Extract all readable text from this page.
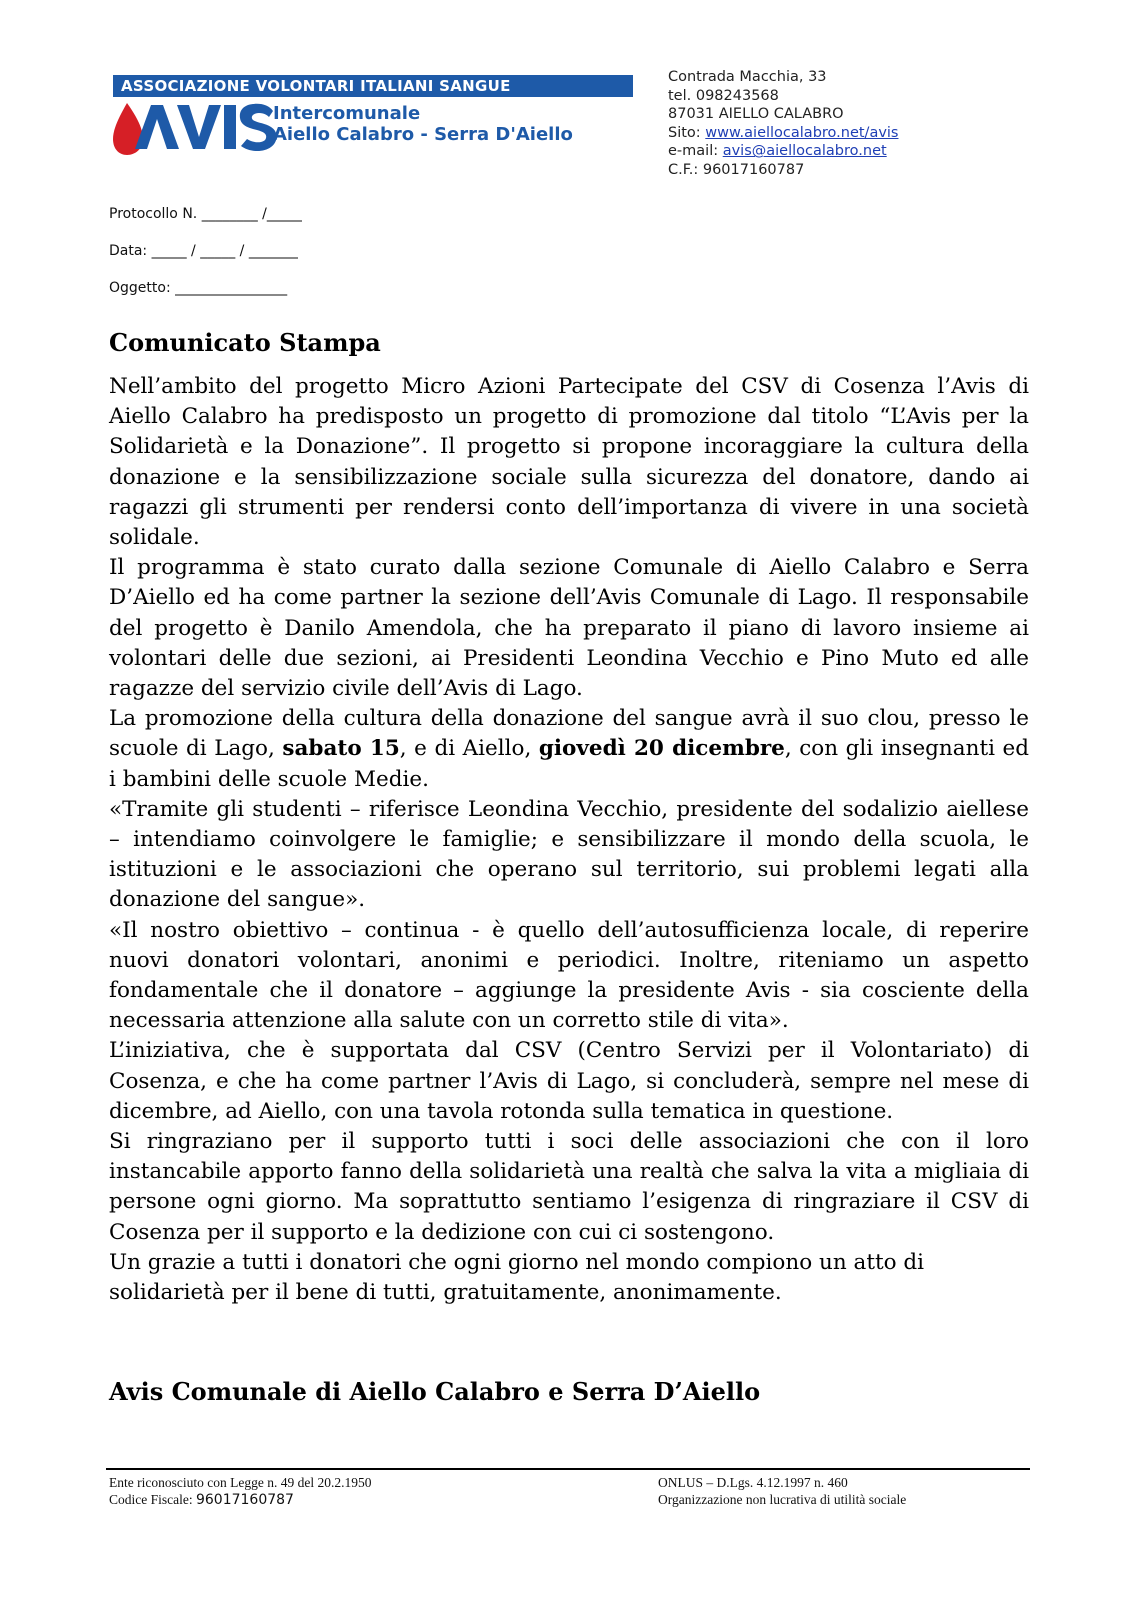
ASSOCIAZIONE VOLONTARI ITALIANI SANGUE
Intercomunale
Aiello Calabro - Serra D'Aiello
Contrada Macchia, 33
tel. 098243568
87031 AIELLO CALABRO
Sito: www.aiellocalabro.net/avis
e-mail: avis@aiellocalabro.net
C.F.: 96017160787
Protocollo N. ________ /_____
Data: _____ / _____ / _______
Oggetto: ________________
Comunicato Stampa

Nell’ambito del progetto Micro Azioni Partecipate del CSV di Cosenza l’Avis di Aiello Calabro ha predisposto un progetto di promozione dal titolo “L’Avis per la Solidarietà e la Donazione”. Il progetto si propone incoraggiare la cultura della donazione e la sensibilizzazione sociale sulla sicurezza del donatore, dando ai ragazzi gli strumenti per rendersi conto dell’importanza di vivere in una società solidale.

Il programma è stato curato dalla sezione Comunale di Aiello Calabro e Serra D’Aiello ed ha come partner la sezione dell’Avis Comunale di Lago. Il responsabile del progetto è Danilo Amendola, che ha preparato il piano di lavoro insieme ai volontari delle due sezioni, ai Presidenti Leondina Vecchio e Pino Muto ed alle ragazze del servizio civile dell’Avis di Lago.

La promozione della cultura della donazione del sangue avrà il suo clou, presso le scuole di Lago, sabato 15, e di Aiello, giovedì 20 dicembre, con gli insegnanti ed i bambini delle scuole Medie.

«Tramite gli studenti – riferisce Leondina Vecchio, presidente del sodalizio aiellese – intendiamo coinvolgere le famiglie; e sensibilizzare il mondo della scuola, le istituzioni e le associazioni che operano sul territorio, sui problemi legati alla donazione del sangue».

«Il nostro obiettivo – continua - è quello dell’autosufficienza locale, di reperire nuovi donatori volontari, anonimi e periodici. Inoltre, riteniamo un aspetto fondamentale che il donatore – aggiunge la presidente Avis - sia cosciente della necessaria attenzione alla salute con un corretto stile di vita».

L’iniziativa, che è supportata dal CSV (Centro Servizi per il Volontariato) di Cosenza, e che ha come partner l’Avis di Lago, si concluderà, sempre nel mese di dicembre, ad Aiello, con una tavola rotonda sulla tematica in questione.

Si ringraziano per il supporto tutti i soci delle associazioni che con il loro instancabile apporto fanno della solidarietà una realtà che salva la vita a migliaia di persone ogni giorno. Ma soprattutto sentiamo l’esigenza di ringraziare il CSV di Cosenza per il supporto e la dedizione con cui ci sostengono.

Un grazie a tutti i donatori che ogni giorno nel mondo compiono un atto di solidarietà per il bene di tutti, gratuitamente, anonimamente.

Avis Comunale di Aiello Calabro e Serra D’Aiello
Ente riconosciuto con Legge n. 49 del 20.2.1950
Codice Fiscale: 96017160787
ONLUS – D.Lgs. 4.12.1997 n. 460
Organizzazione non lucrativa di utilità sociale
